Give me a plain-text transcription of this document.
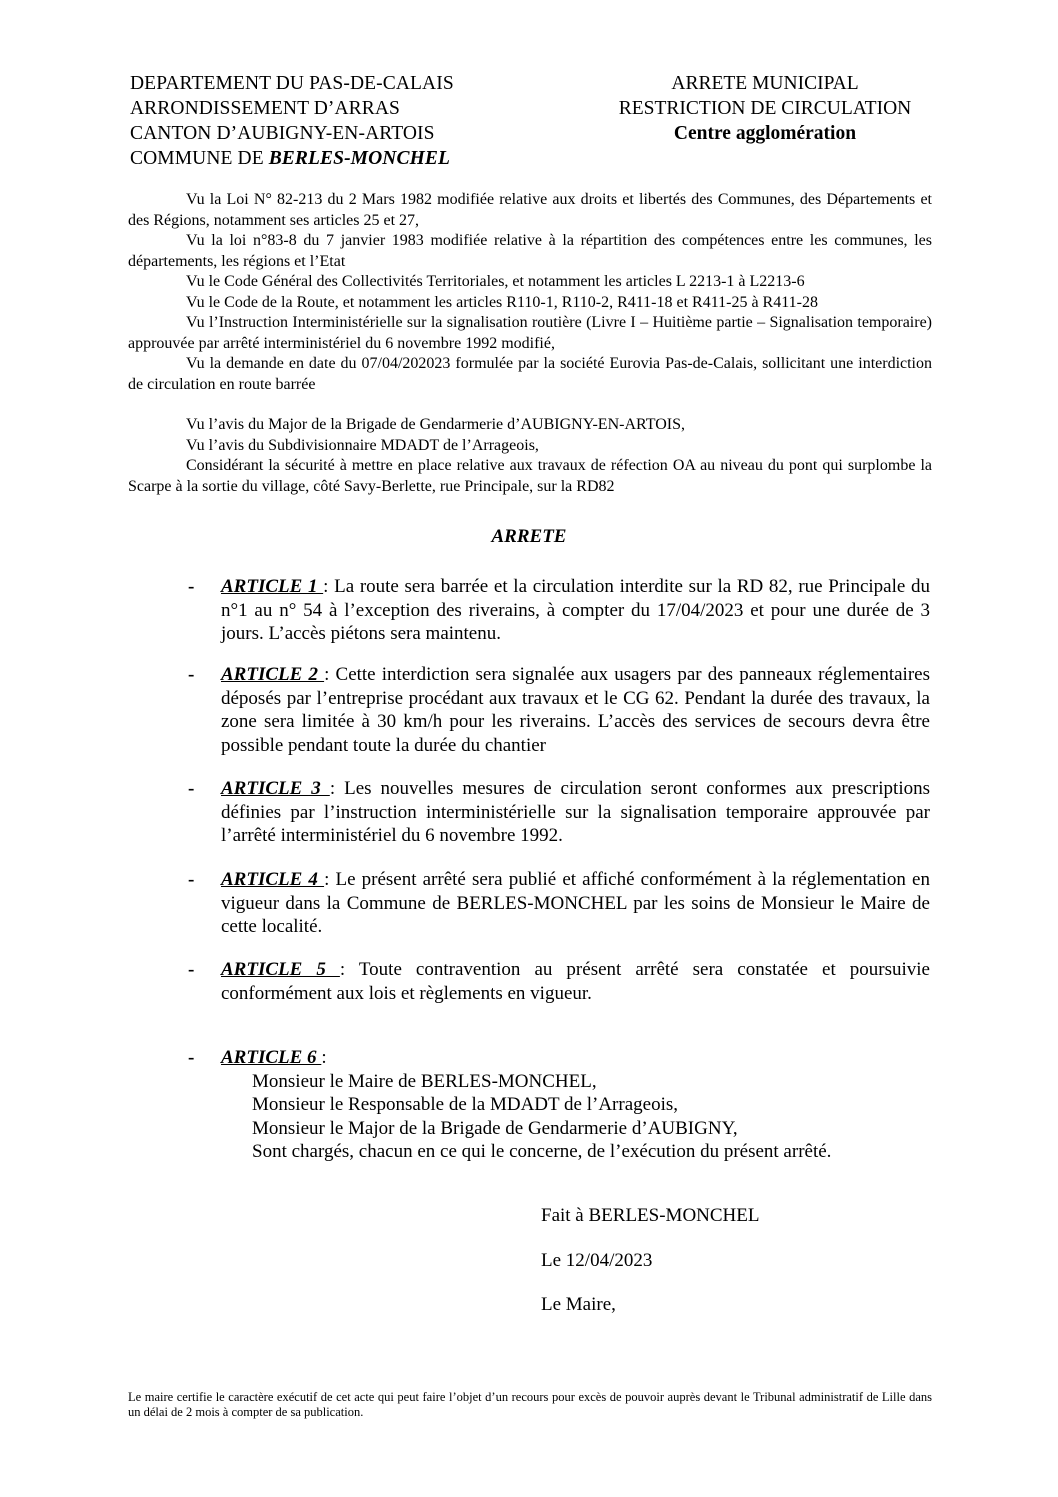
DEPARTEMENT DU PAS-DE-CALAIS
ARRONDISSEMENT D’ARRAS
CANTON D’AUBIGNY-EN-ARTOIS
COMMUNE DE BERLES-MONCHEL
ARRETE MUNICIPAL
RESTRICTION DE CIRCULATION
Centre agglomération

Vu la Loi N° 82-213 du 2 Mars 1982 modifiée relative aux droits et libertés des Communes, des Départements et des Régions, notamment ses articles 25 et 27,

Vu la loi n°83-8 du 7 janvier 1983 modifiée relative à la répartition des compétences entre les communes, les départements, les régions et l’Etat

Vu le Code Général des Collectivités Territoriales, et notamment les articles L 2213-1 à L2213-6

Vu le Code de la Route, et notamment les articles R110-1, R110-2, R411-18 et R411-25 à R411-28

Vu l’Instruction Interministérielle sur la signalisation routière (Livre I – Huitième partie – Signalisation temporaire) approuvée par arrêté interministériel du 6 novembre 1992 modifié,

Vu la demande en date du 07/04/202023 formulée par la société Eurovia Pas-de-Calais, sollicitant une interdiction de circulation en route barrée

Vu l’avis du Major de la Brigade de Gendarmerie d’AUBIGNY-EN-ARTOIS,

Vu l’avis du Subdivisionnaire MDADT de l’Arrageois,

Considérant la sécurité à mettre en place relative aux travaux de réfection OA au niveau du pont qui surplombe la Scarpe à la sortie du village, côté Savy-Berlette, rue Principale, sur la RD82

ARRETE
-	ARTICLE 1 : La route sera barrée et la circulation interdite sur la RD 82, rue Principale du n°1 au n° 54 à l’exception des riverains, à compter du 17/04/2023 et pour une durée de 3 jours. L’accès piétons sera maintenu.
-	ARTICLE 2 : Cette interdiction sera signalée aux usagers par des panneaux réglementaires déposés par l’entreprise procédant aux travaux et le CG 62. Pendant la durée des travaux, la zone sera limitée à 30 km/h pour les riverains. L’accès des services de secours devra être possible pendant toute la durée du chantier
-	ARTICLE 3 : Les nouvelles mesures de circulation seront conformes aux prescriptions définies par l’instruction interministérielle sur la signalisation temporaire approuvée par l’arrêté interministériel du 6 novembre 1992.
-	ARTICLE 4 : Le présent arrêté sera publié et affiché conformément à la réglementation en vigueur dans la Commune de BERLES-MONCHEL par les soins de Monsieur le Maire de cette localité.
-	ARTICLE 5 : Toute contravention au présent arrêté sera constatée et poursuivie conformément aux lois et règlements en vigueur.
-	ARTICLE 6 :
Monsieur le Maire de BERLES-MONCHEL,
Monsieur le Responsable de la MDADT de l’Arrageois,
Monsieur le Major de la Brigade de Gendarmerie d’AUBIGNY,
Sont chargés, chacun en ce qui le concerne, de l’exécution du présent arrêté.
Fait à BERLES-MONCHEL
Le 12/04/2023
Le Maire,
Le maire certifie le caractère exécutif de cet acte qui peut faire l’objet d’un recours pour excès de pouvoir auprès devant le Tribunal administratif de Lille dans un délai de 2 mois à compter de sa publication.
